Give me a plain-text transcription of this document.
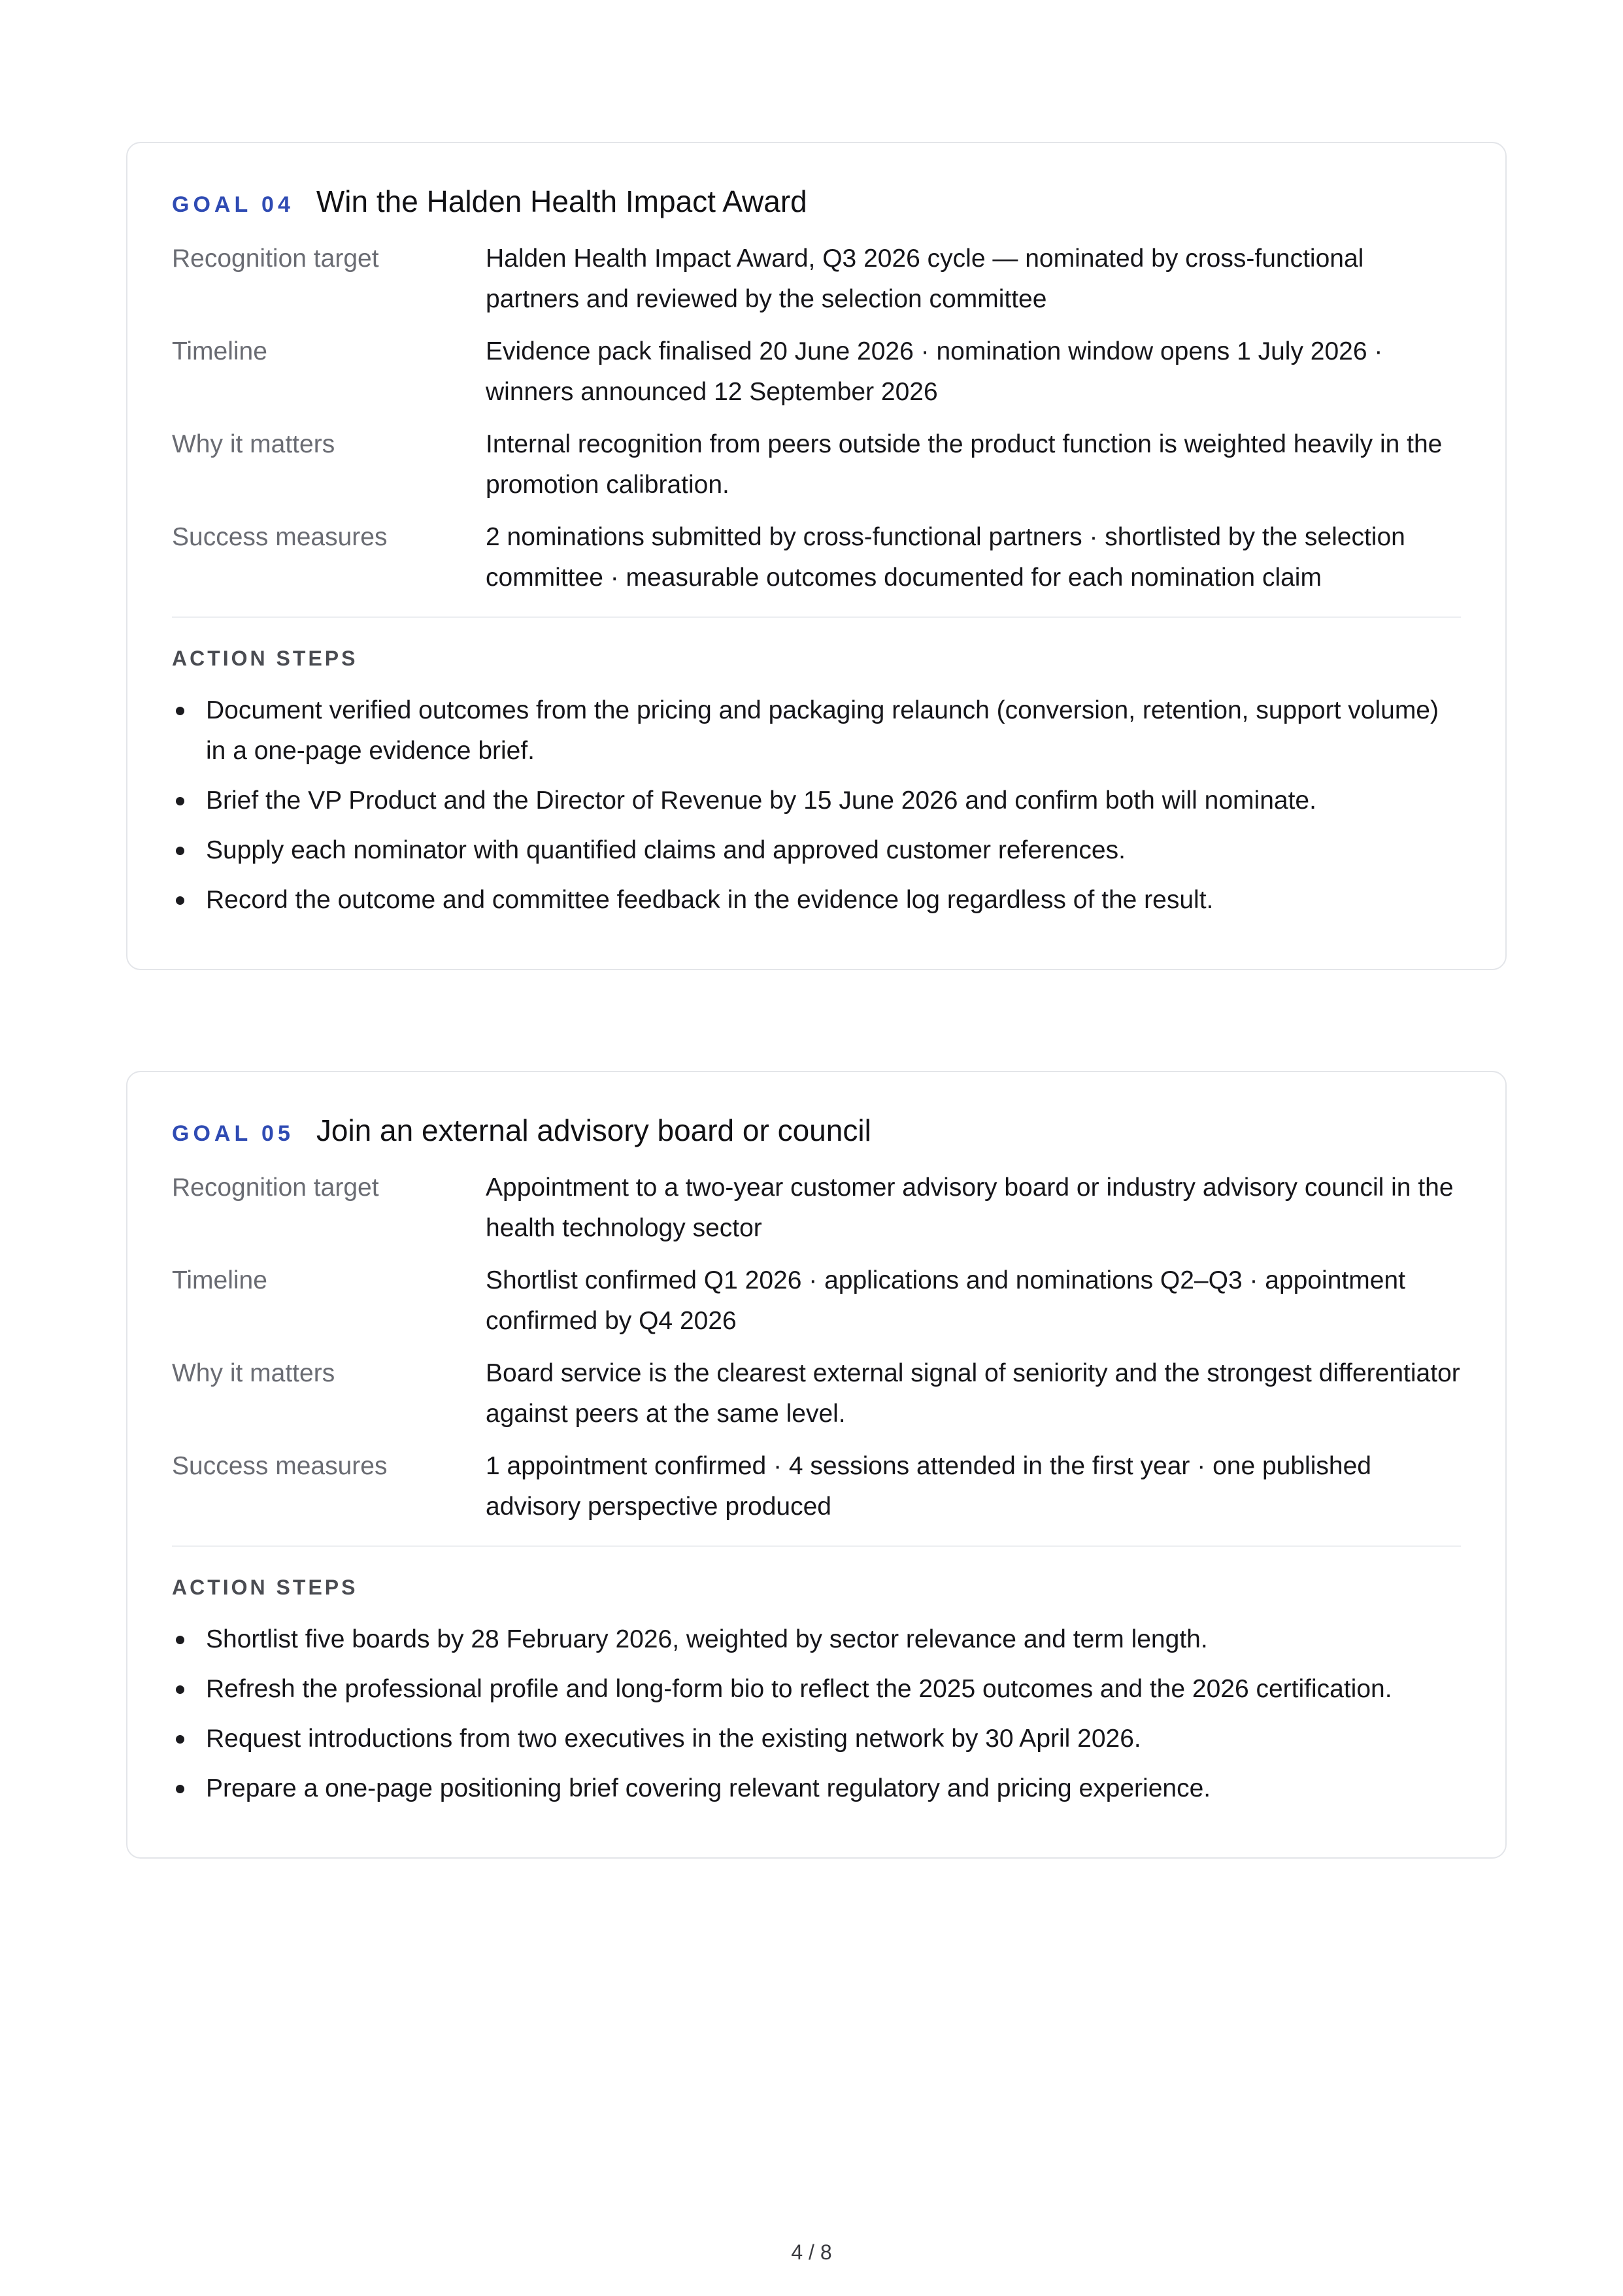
GOAL 04 Win the Halden Health Impact Award
Recognition target	Halden Health Impact Award, Q3 2026 cycle — nominated by cross-functional partners and reviewed by the selection committee
Timeline	Evidence pack finalised 20 June 2026 · nomination window opens 1 July 2026 · winners announced 12 September 2026
Why it matters	Internal recognition from peers outside the product function is weighted heavily in the promotion calibration.
Success measures	2 nominations submitted by cross-functional partners · shortlisted by the selection committee · measurable outcomes documented for each nomination claim
ACTION STEPS
Document verified outcomes from the pricing and packaging relaunch (conversion, retention, support volume) in a one-page evidence brief.
Brief the VP Product and the Director of Revenue by 15 June 2026 and confirm both will nominate.
Supply each nominator with quantified claims and approved customer references.
Record the outcome and committee feedback in the evidence log regardless of the result.
GOAL 05 Join an external advisory board or council
Recognition target	Appointment to a two-year customer advisory board or industry advisory council in the health technology sector
Timeline	Shortlist confirmed Q1 2026 · applications and nominations Q2–Q3 · appointment confirmed by Q4 2026
Why it matters	Board service is the clearest external signal of seniority and the strongest differentiator against peers at the same level.
Success measures	1 appointment confirmed · 4 sessions attended in the first year · one published advisory perspective produced
ACTION STEPS
Shortlist five boards by 28 February 2026, weighted by sector relevance and term length.
Refresh the professional profile and long-form bio to reflect the 2025 outcomes and the 2026 certification.
Request introductions from two executives in the existing network by 30 April 2026.
Prepare a one-page positioning brief covering relevant regulatory and pricing experience.
4 / 8
